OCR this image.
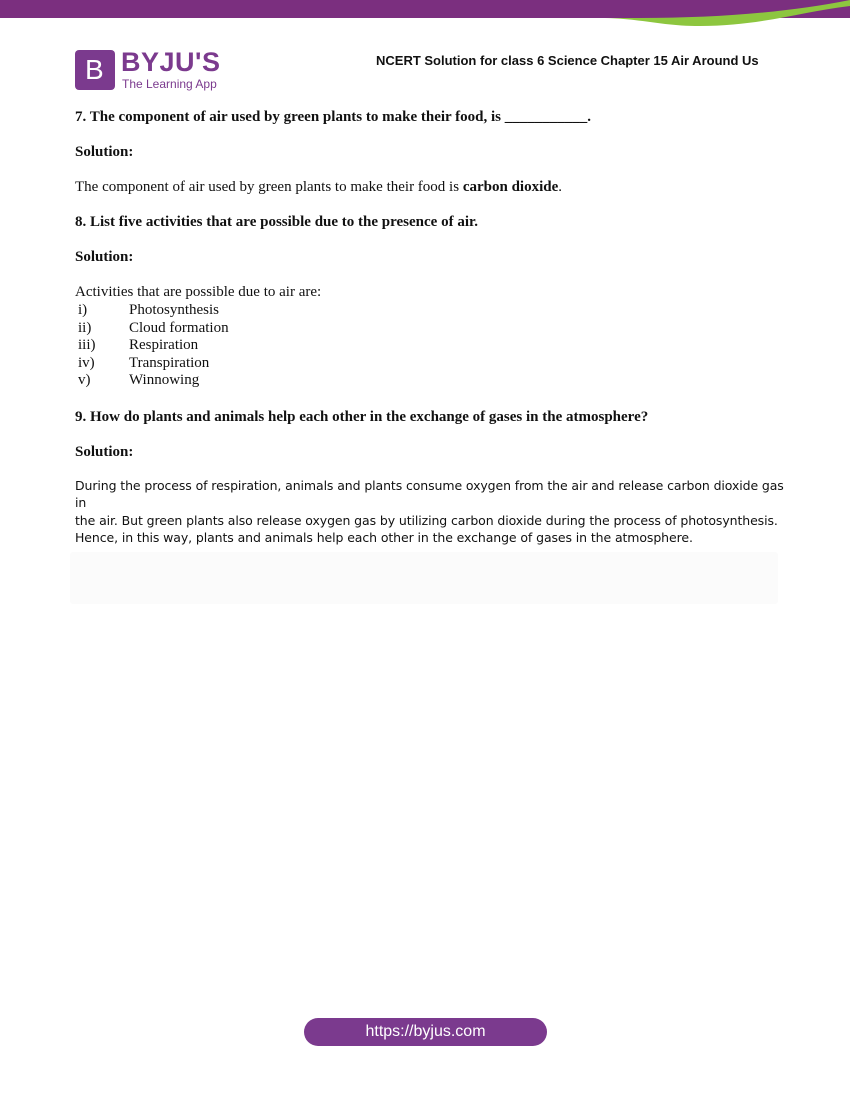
B BYJU'S
The Learning App
NCERT Solution for class 6 Science Chapter 15 Air Around Us

7. The component of air used by green plants to make their food, is ___________.

Solution:

The component of air used by green plants to make their food is carbon dioxide.

8. List five activities that are possible due to the presence of air.

Solution:

Activities that are possible due to air are:

i)	Photosynthesis
ii)	Cloud formation
iii) Respiration
iv) Transpiration
v)	Winnowing

9. How do plants and animals help each other in the exchange of gases in the atmosphere?

Solution:

During the process of respiration, animals and plants consume oxygen from the air and release carbon dioxide gas in

the air. But green plants also release oxygen gas by utilizing carbon dioxide during the process of photosynthesis.

Hence, in this way, plants and animals help each other in the exchange of gases in the atmosphere.

https://byjus.com
